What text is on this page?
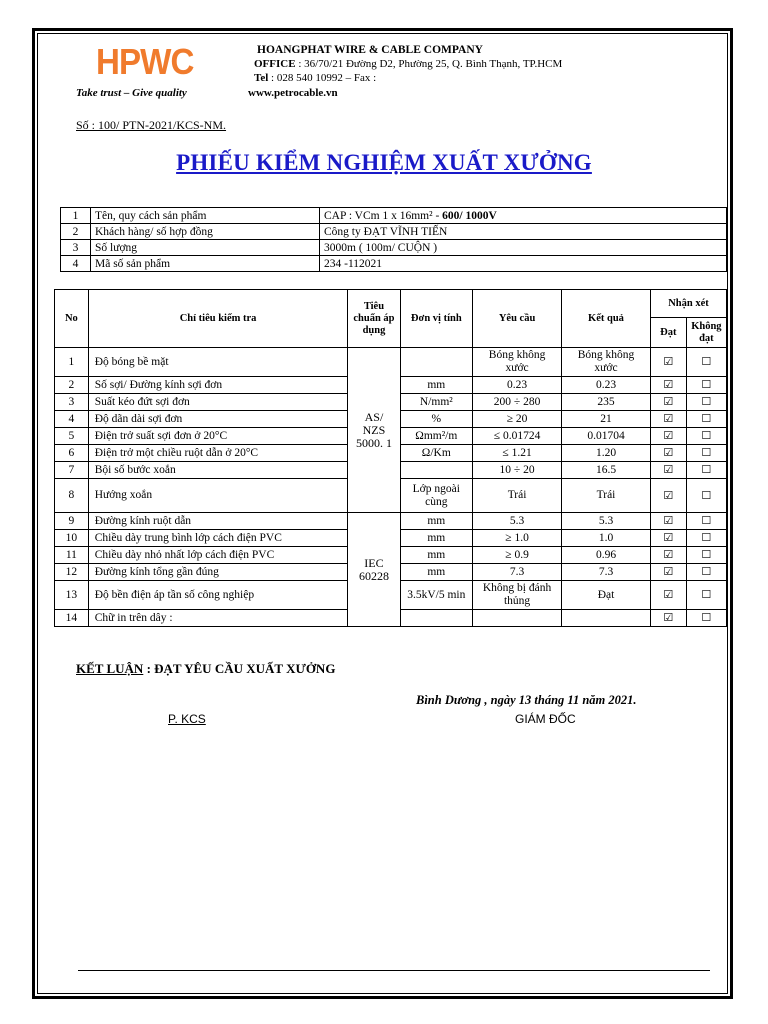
HPWC
Take trust – Give quality
HOANGPHAT WIRE & CABLE COMPANY
OFFICE : 36/70/21 Đường D2, Phường 25, Q. Bình Thạnh, TP.HCM
Tel : 028 540 10992 – Fax :
www.petrocable.vn
Số : 100/ PTN-2021/KCS-NM.
PHIẾU KIỂM NGHIỆM XUẤT XƯỞNG
1	Tên, quy cách sản phẩm	CAP : VCm 1 x 16mm² - 600/ 1000V
2	Khách hàng/ số hợp đồng	Công ty ĐẠT VĨNH TIẾN
3	Số lượng	3000m ( 100m/ CUỘN )
4	Mã số sản phẩm	234 -112021
No	Chỉ tiêu kiểm tra	Tiêu chuẩn áp dụng	Đơn vị tính	Yêu cầu	Kết quả	Nhận xét	
						Đạt	Không đạt
1	Độ bóng bề mặt	AS/ NZS 5000. 1		Bóng không xước	Bóng không xước	☑	☐
2	Số sợi/ Đường kính sợi đơn		mm	0.23	0.23	☑	☐
3	Suất kéo đứt sợi đơn		N/mm²	200 ÷ 280	235	☑	☐
4	Độ dãn dài sợi đơn		%	≥ 20	21	☑	☐
5	Điện trở suất sợi đơn ở 20°C		Ωmm²/m	≤ 0.01724	0.01704	☑	☐
6	Điện trở một chiều ruột dẫn ở 20°C		Ω/Km	≤ 1.21	1.20	☑	☐
7	Bội số bước xoắn			10 ÷ 20	16.5	☑	☐
8	Hướng xoắn		Lớp ngoài cùng	Trái	Trái	☑	☐
9	Đường kính ruột dẫn	IEC 60228	mm	5.3	5.3	☑	☐
10	Chiều dày trung bình lớp cách điện PVC		mm	≥ 1.0	1.0	☑	☐
11	Chiều dày nhỏ nhất lớp cách điện PVC		mm	≥ 0.9	0.96	☑	☐
12	Đường kính tổng gần đúng		mm	7.3	7.3	☑	☐
13	Độ bền điện áp tần số công nghiệp		3.5kV/5 min	Không bị đánh thủng	Đạt	☑	☐
14	Chữ in trên dây :					☑	☐
KẾT LUẬN : ĐẠT YÊU CẦU XUẤT XƯỞNG
Bình Dương , ngày 13 tháng 11 năm 2021.
P. KCS	GIÁM ĐỐC
